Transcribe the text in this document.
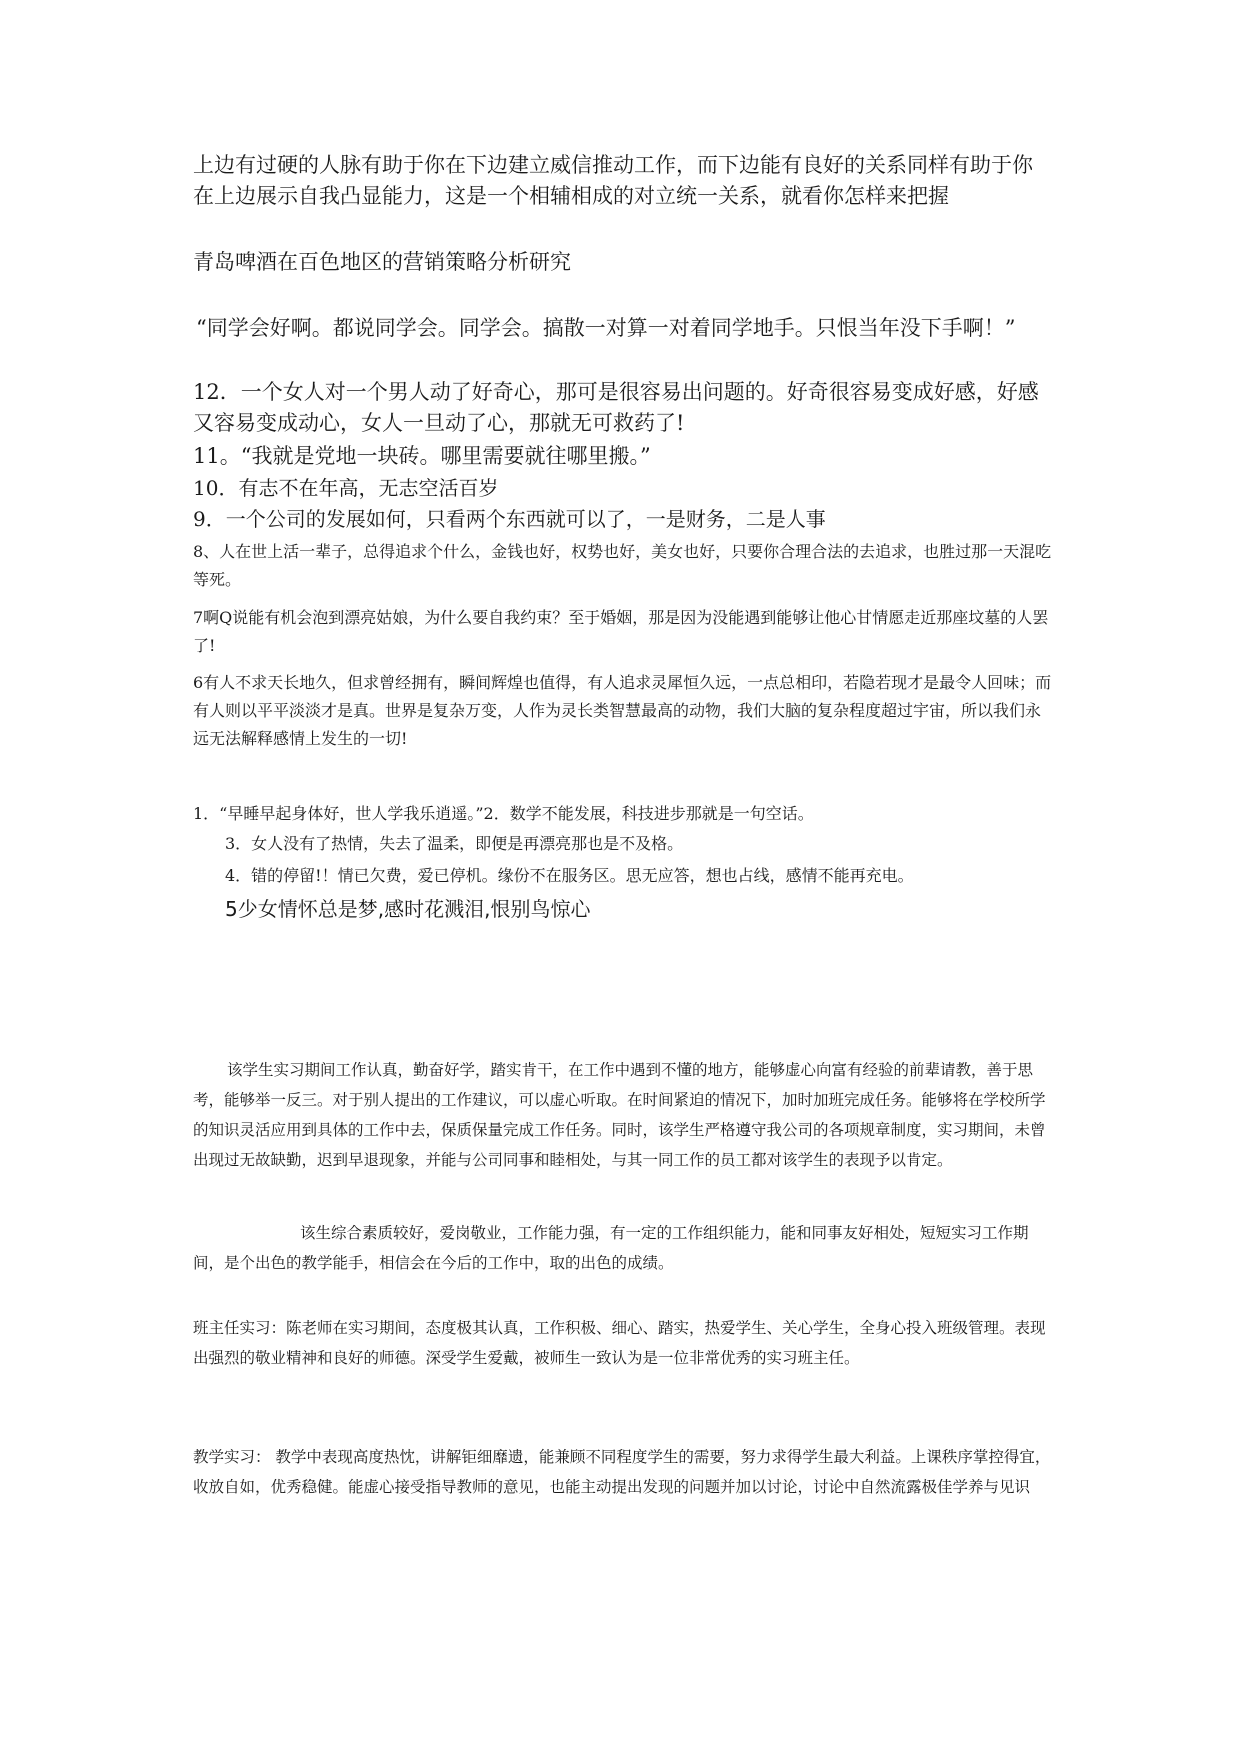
上边有过硬的人脉有助于你在下边建立威信推动工作，而下边能有良好的关系同样有助于你在上边展示自我凸显能力，这是一个相辅相成的对立统一关系，就看你怎样来把握

青岛啤酒在百色地区的营销策略分析研究

“同学会好啊。都说同学会。同学会。搞散一对算一对着同学地手。只恨当年没下手啊！”

12．一个女人对一个男人动了好奇心，那可是很容易出问题的。好奇很容易变成好感，好感又容易变成动心，女人一旦动了心，那就无可救药了!

11。“我就是党地一块砖。哪里需要就往哪里搬。”

10．有志不在年高，无志空活百岁

9．一个公司的发展如何，只看两个东西就可以了，一是财务，二是人事

8、人在世上活一辈子，总得追求个什么，金钱也好，权势也好，美女也好，只要你合理合法的去追求，也胜过那一天混吃等死。

7啊Q说能有机会泡到漂亮姑娘，为什么要自我约束？至于婚姻，那是因为没能遇到能够让他心甘情愿走近那座坟墓的人罢了!

6有人不求天长地久，但求曾经拥有，瞬间辉煌也值得，有人追求灵犀恒久远，一点总相印，若隐若现才是最令人回味；而有人则以平平淡淡才是真。世界是复杂万变，人作为灵长类智慧最高的动物，我们大脑的复杂程度超过宇宙，所以我们永远无法解释感情上发生的一切!

1．“早睡早起身体好，世人学我乐逍遥。”2．数学不能发展，科技进步那就是一句空话。

3．女人没有了热情，失去了温柔，即便是再漂亮那也是不及格。

4．错的停留!！情已欠费，爱已停机。缘份不在服务区。思无应答，想也占线，感情不能再充电。

5少女情怀总是梦,感时花溅泪,恨别鸟惊心

该学生实习期间工作认真，勤奋好学，踏实肯干，在工作中遇到不懂的地方，能够虚心向富有经验的前辈请教，善于思考，能够举一反三。对于别人提出的工作建议，可以虚心听取。在时间紧迫的情况下，加时加班完成任务。能够将在学校所学的知识灵活应用到具体的工作中去，保质保量完成工作任务。同时，该学生严格遵守我公司的各项规章制度，实习期间，未曾出现过无故缺勤，迟到早退现象，并能与公司同事和睦相处，与其一同工作的员工都对该学生的表现予以肯定。

该生综合素质较好，爱岗敬业，工作能力强，有一定的工作组织能力，能和同事友好相处，短短实习工作期间，是个出色的教学能手，相信会在今后的工作中，取的出色的成绩。

班主任实习：陈老师在实习期间，态度极其认真，工作积极、细心、踏实，热爱学生、关心学生，全身心投入班级管理。表现出强烈的敬业精神和良好的师德。深受学生爱戴，被师生一致认为是一位非常优秀的实习班主任。

教学实习： 教学中表现高度热忱，讲解钜细靡遗，能兼顾不同程度学生的需要，努力求得学生最大利益。上课秩序掌控得宜，收放自如，优秀稳健。能虚心接受指导教师的意见，也能主动提出发现的问题并加以讨论，讨论中自然流露极佳学养与见识
